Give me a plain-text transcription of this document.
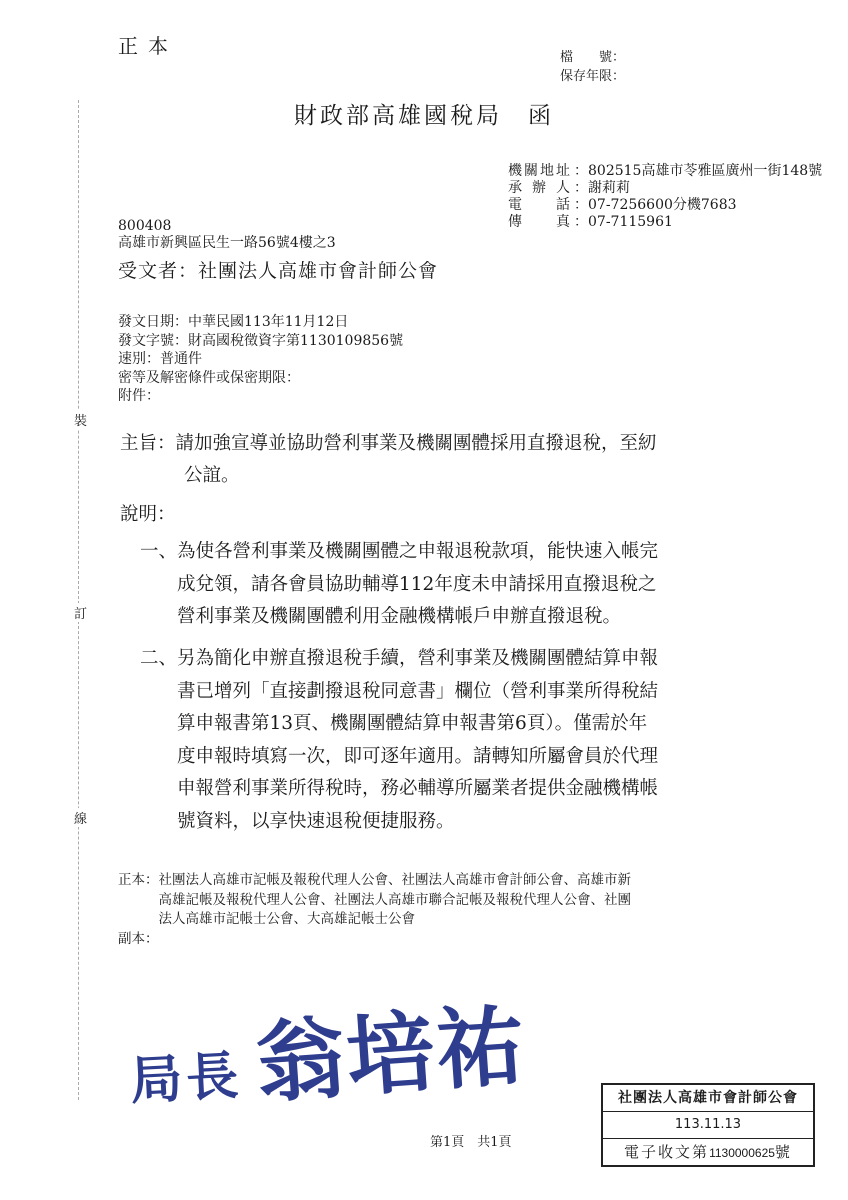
正本	檔　　號：
保存年限：
財政部高雄國稅局　函
機關地址 ： 802515高雄市苓雅區廣州一街148號
承辦人 ： 謝莉莉
電話 ： 07-7256600分機7683
傳真 ： 07-7115961
800408
高雄市新興區民生一路56號4樓之3
受文者：社團法人高雄市會計師公會
發文日期：中華民國113年11月12日
發文字號：財高國稅徵資字第1130109856號
速別：普通件
密等及解密條件或保密期限：
附件：
主旨：請加強宣導並協助營利事業及機關團體採用直撥退稅，至紉
公誼。
說明：
一、 為使各營利事業及機關團體之申報退稅款項，能快速入帳完
成兌領，請各會員協助輔導112年度未申請採用直撥退稅之
營利事業及機關團體利用金融機構帳戶申辦直撥退稅。
二、 另為簡化申辦直撥退稅手續，營利事業及機關團體結算申報
書已增列「直接劃撥退稅同意書」欄位（營利事業所得稅結
算申報書第13頁、機關團體結算申報書第6頁）。僅需於年
度申報時填寫一次，即可逐年適用。請轉知所屬會員於代理
申報營利事業所得稅時，務必輔導所屬業者提供金融機構帳
號資料，以享快速退稅便捷服務。
正本： 社團法人高雄市記帳及報稅代理人公會、社團法人高雄市會計師公會、高雄市新
高雄記帳及報稅代理人公會、社團法人高雄市聯合記帳及報稅代理人公會、社團
法人高雄市記帳士公會、大高雄記帳士公會
副本：
裝
訂
線
局長 翁培祐
第1頁　共1頁
社團法人高雄市會計師公會
113.11.13
電子收文第1130000625號
